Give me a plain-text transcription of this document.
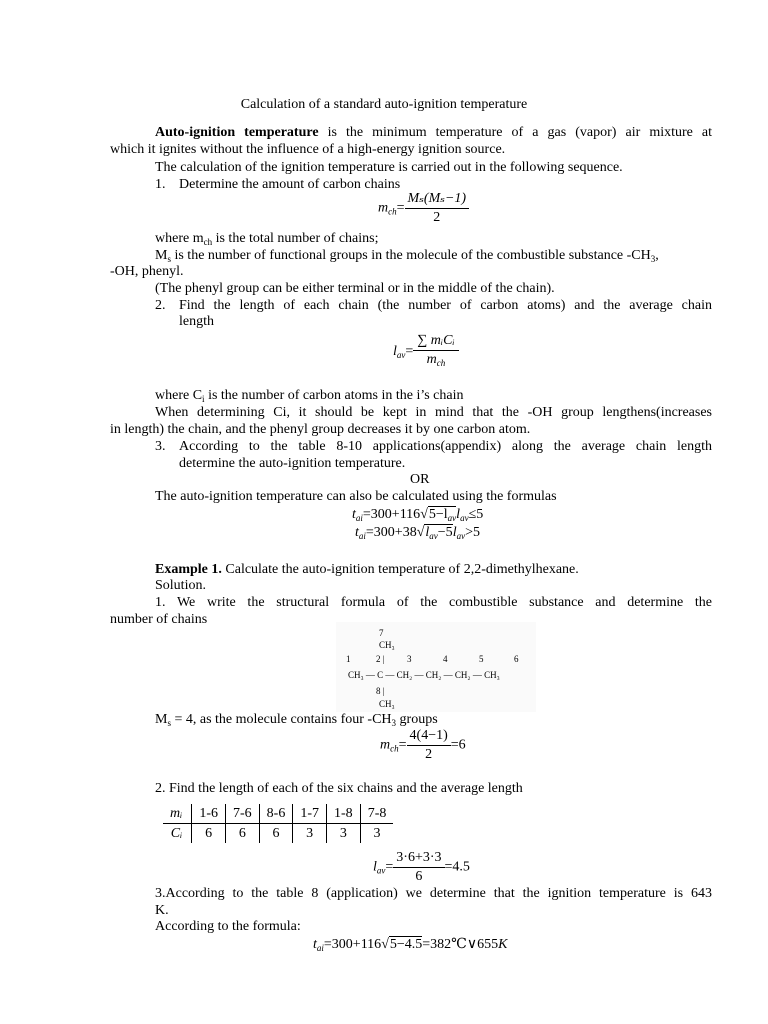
Calculation of a standard auto-ignition temperature
Auto-ignition temperature is the minimum temperature of a gas (vapor) air mixture at
which it ignites without the influence of a high-energy ignition source.
The calculation of the ignition temperature is carried out in the following sequence.
1. Determine the amount of carbon chains
$m_{ch}= \frac{\text{Mₛ(Mₛ−1)}}{2}$
where $m_{ch}$ is the total number of chains;
$M_s$ is the number of functional groups in the molecule of the combustible substance $-CH_3$,
-OH, phenyl.
(The phenyl group can be either terminal or in the middle of the chain).
2. Find the length of each chain (the number of carbon atoms) and the average chain
length
$l_{av}= \frac{\text{∑ mᵢCᵢ}}{m_{ch}}$
where $C_i$ is the number of carbon atoms in the i’s chain
When determining Ci, it should be kept in mind that the -OH group lengthens(increases
in length) the chain, and the phenyl group decreases it by one carbon atom.
3. According to the table 8-10 applications(appendix) along the average chain length
determine the auto-ignition temperature.
OR
The auto-ignition temperature can also be calculated using the formulas
$t_{ai}=300+116√5-l_{av}l_{av}\le 5$
$t_{ai}=300+38√l_{av}-5l_{av}>5$
Example 1. Calculate the auto-ignition temperature of 2,2-dimethylhexane.
Solution.
1. We write the structural formula of the combustible substance and determine the
number of chains
7
CH₃
1	2 | 3	4	5	6
CH₃ — C — CH₂ — CH₂ — CH₂ — CH₃
8 |
CH₃
$M_s = 4$, as the molecule contains four $-CH_3$ groups
$m_{ch}= \frac{4(4-1)}{2} =6$
2. Find the length of each of the six chains and the average length
mᵢ	1-6	7-6	8-6	1-7	1-8	7-8
Cᵢ	6	6	6	3	3	3
$l_{av}= \frac{3\cdot 6+3\cdot 3}{6} =4.5$
3.According to the table 8 (application) we determine that the ignition temperature is 643
K.
According to the formula:
$t_{ai}=300+116√5-4.5=382℃\vee 655K$
